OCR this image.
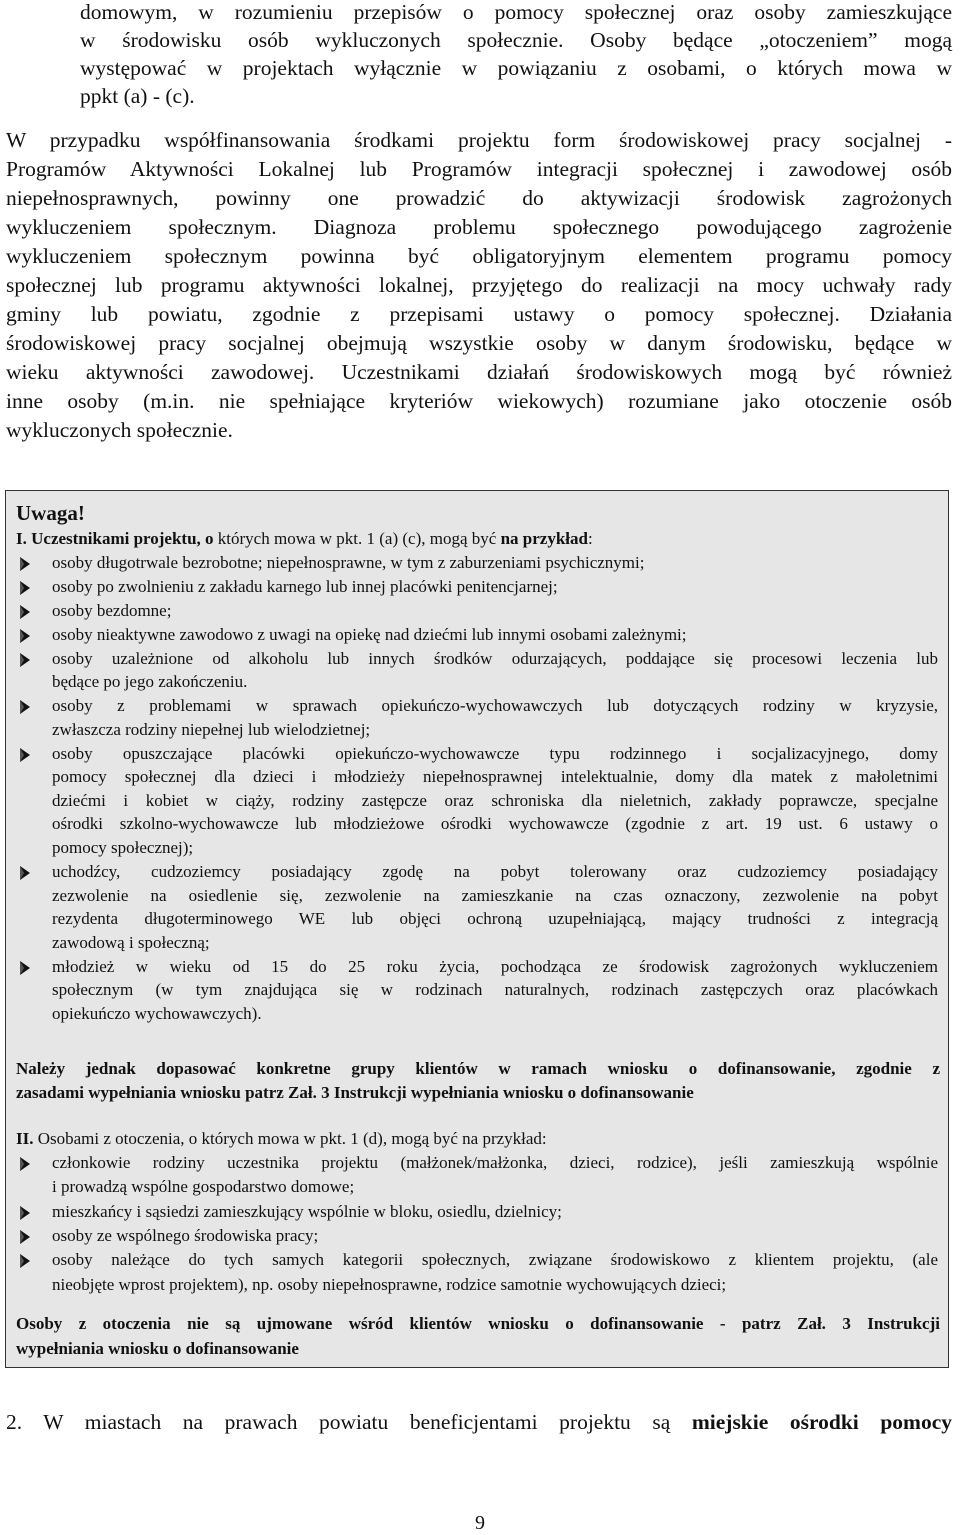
domowym, w rozumieniu przepisów o pomocy społecznej oraz osoby zamieszkujące
w środowisku osób wykluczonych społecznie. Osoby będące „otoczeniem” mogą
występować w projektach wyłącznie w powiązaniu z osobami, o których mowa w
ppkt (a) - (c).
W przypadku współfinansowania środkami projektu form środowiskowej pracy socjalnej -
Programów Aktywności Lokalnej lub Programów integracji społecznej i zawodowej osób
niepełnosprawnych, powinny one prowadzić do aktywizacji środowisk zagrożonych
wykluczeniem społecznym. Diagnoza problemu społecznego powodującego zagrożenie
wykluczeniem społecznym powinna być obligatoryjnym elementem programu pomocy
społecznej lub programu aktywności lokalnej, przyjętego do realizacji na mocy uchwały rady
gminy lub powiatu, zgodnie z przepisami ustawy o pomocy społecznej. Działania
środowiskowej pracy socjalnej obejmują wszystkie osoby w danym środowisku, będące w
wieku aktywności zawodowej. Uczestnikami działań środowiskowych mogą być również
inne osoby (m.in. nie spełniające kryteriów wiekowych) rozumiane jako otoczenie osób
wykluczonych społecznie.
Uwaga!
I. Uczestnikami projektu, o których mowa w pkt. 1 (a) (c), mogą być na przykład:
osoby długotrwale bezrobotne; niepełnosprawne, w tym z zaburzeniami psychicznymi;
osoby po zwolnieniu z zakładu karnego lub innej placówki penitencjarnej;
osoby bezdomne;
osoby nieaktywne zawodowo z uwagi na opiekę nad dziećmi lub innymi osobami zależnymi;
osoby uzależnione od alkoholu lub innych środków odurzających, poddające się procesowi leczenia lub
będące po jego zakończeniu.
osoby z problemami w sprawach opiekuńczo-wychowawczych lub dotyczących rodziny w kryzysie,
zwłaszcza rodziny niepełnej lub wielodzietnej;
osoby opuszczające placówki opiekuńczo-wychowawcze typu rodzinnego i socjalizacyjnego, domy
pomocy społecznej dla dzieci i młodzieży niepełnosprawnej intelektualnie, domy dla matek z małoletnimi
dziećmi i kobiet w ciąży, rodziny zastępcze oraz schroniska dla nieletnich, zakłady poprawcze, specjalne
ośrodki szkolno-wychowawcze lub młodzieżowe ośrodki wychowawcze (zgodnie z art. 19 ust. 6 ustawy o
pomocy społecznej);
uchodźcy, cudzoziemcy posiadający zgodę na pobyt tolerowany oraz cudzoziemcy posiadający
zezwolenie na osiedlenie się, zezwolenie na zamieszkanie na czas oznaczony, zezwolenie na pobyt
rezydenta długoterminowego WE lub objęci ochroną uzupełniającą, mający trudności z integracją
zawodową i społeczną;
młodzież w wieku od 15 do 25 roku życia, pochodząca ze środowisk zagrożonych wykluczeniem
społecznym (w tym znajdująca się w rodzinach naturalnych, rodzinach zastępczych oraz placówkach
opiekuńczo wychowawczych).
Należy jednak dopasować konkretne grupy klientów w ramach wniosku o dofinansowanie, zgodnie z
zasadami wypełniania wniosku patrz Zał. 3 Instrukcji wypełniania wniosku o dofinansowanie
II. Osobami z otoczenia, o których mowa w pkt. 1 (d), mogą być na przykład:
członkowie rodziny uczestnika projektu (małżonek/małżonka, dzieci, rodzice), jeśli zamieszkują wspólnie
i prowadzą wspólne gospodarstwo domowe;
mieszkańcy i sąsiedzi zamieszkujący wspólnie w bloku, osiedlu, dzielnicy;
osoby ze wspólnego środowiska pracy;
osoby należące do tych samych kategorii społecznych, związane środowiskowo z klientem projektu, (ale
nieobjęte wprost projektem), np. osoby niepełnosprawne, rodzice samotnie wychowujących dzieci;
Osoby z otoczenia nie są ujmowane wśród klientów wniosku o dofinansowanie - patrz Zał. 3 Instrukcji
wypełniania wniosku o dofinansowanie
2. W miastach na prawach powiatu beneficjentami projektu są miejskie ośrodki pomocy
9
